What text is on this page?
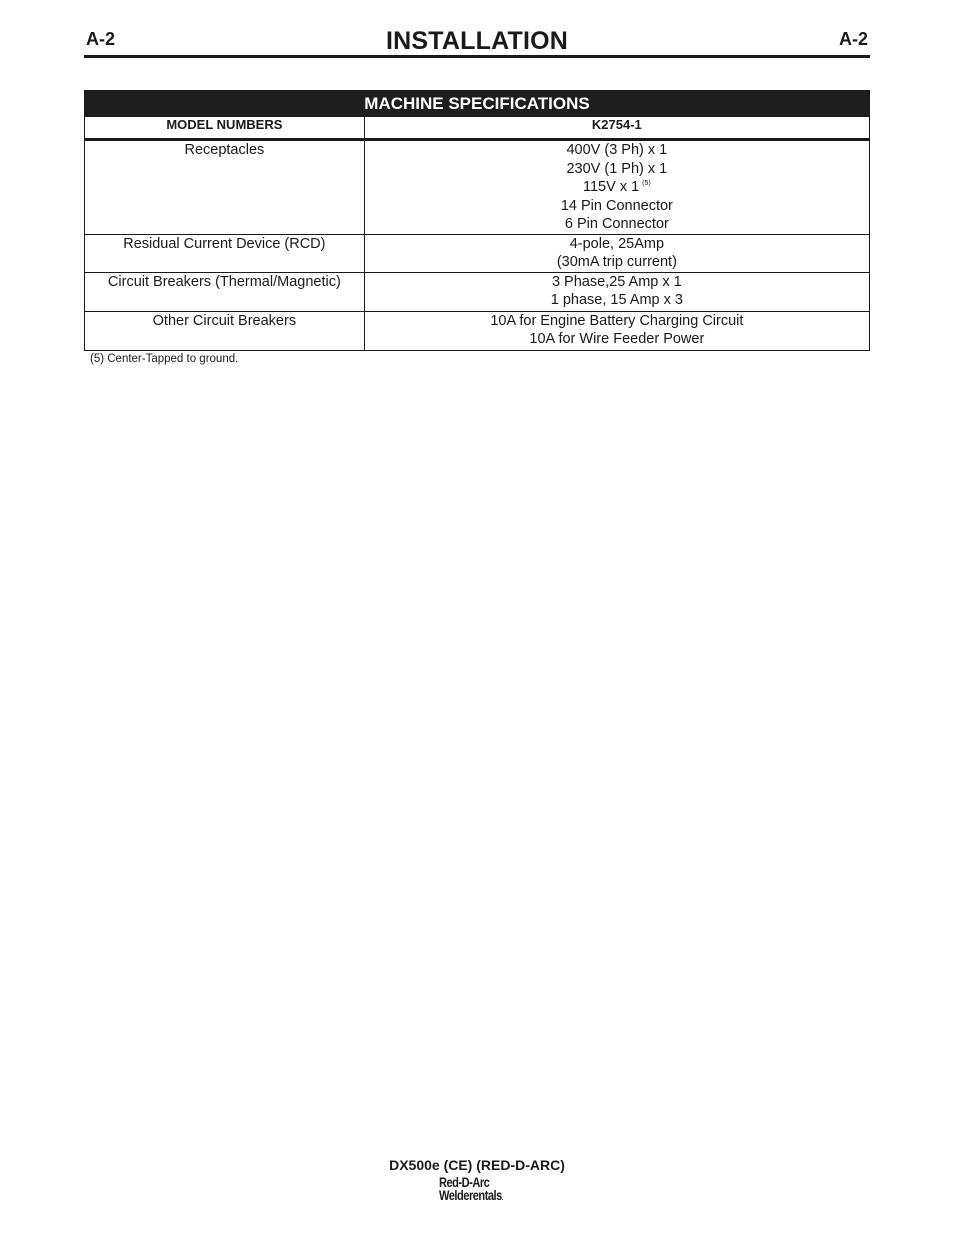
A-2	INSTALLATION	A-2
MACHINE SPECIFICATIONS	
MODEL NUMBERS	K2754-1
Receptacles	400V (3 Ph) x 1
230V (1 Ph) x 1
115V x 1 $^{(5)}$
14 Pin Connector
6 Pin Connector

Residual Current Device (RCD)	4-pole, 25Amp
(30mA trip current)

Circuit Breakers (Thermal/Magnetic)	3 Phase,25 Amp x 1
1 phase, 15 Amp x 3

Other Circuit Breakers	10A for Engine Battery Charging Circuit
10A for Wire Feeder Power
(5) Center-Tapped to ground.
DX500e (CE) (RED-D-ARC)
Red-D-Arc
Welderentals.
